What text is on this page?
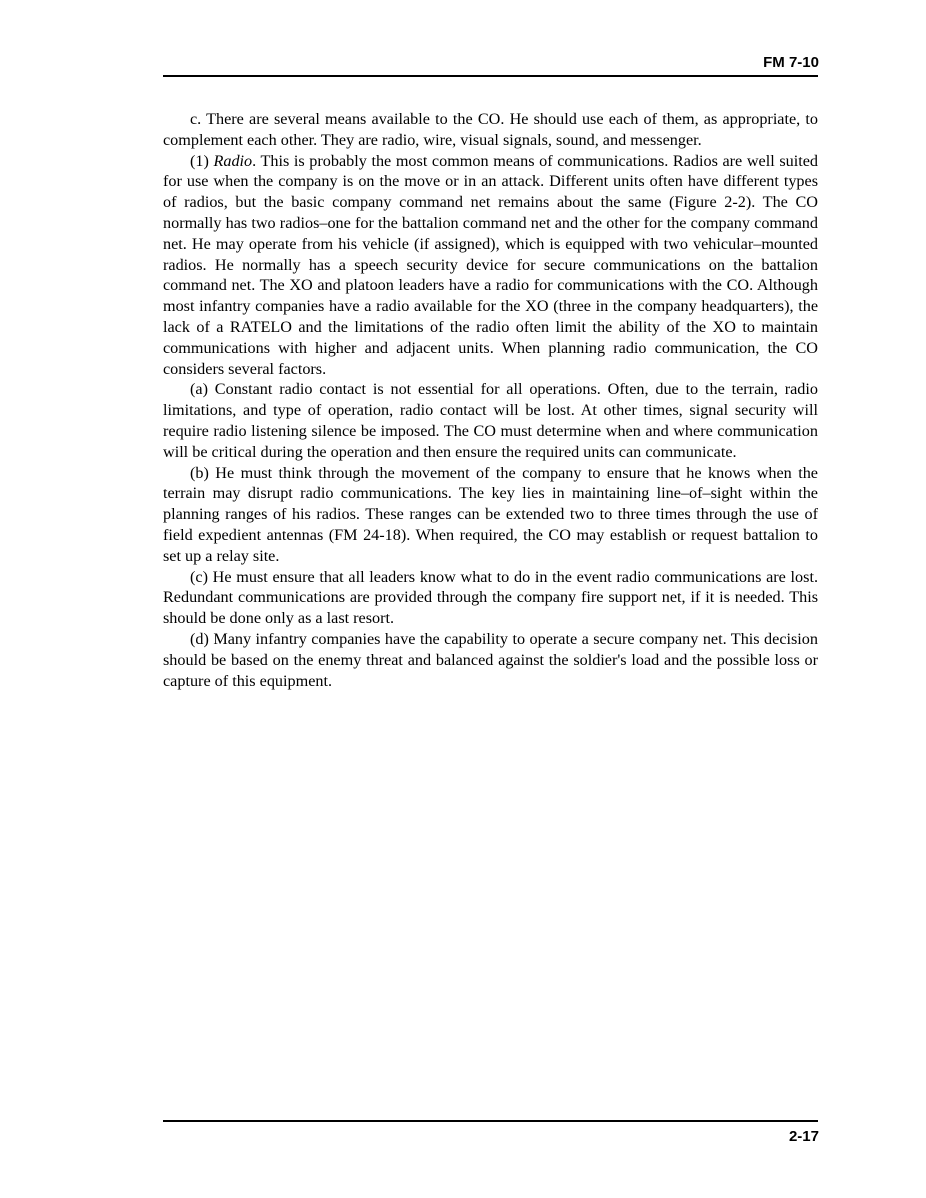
FM 7-10

c. There are several means available to the CO. He should use each of them, as appropriate, to complement each other. They are radio, wire, visual signals, sound, and messenger.

(1) Radio. This is probably the most common means of communications. Radios are well suited for use when the company is on the move or in an attack. Different units often have different types of radios, but the basic company command net remains about the same (Figure 2-2). The CO normally has two radios–one for the battalion command net and the other for the company command net. He may operate from his vehicle (if assigned), which is equipped with two vehicular–mounted radios. He normally has a speech security device for secure communications on the battalion command net. The XO and platoon leaders have a radio for communications with the CO. Although most infantry companies have a radio available for the XO (three in the company headquarters), the lack of a RATELO and the limitations of the radio often limit the ability of the XO to maintain communications with higher and adjacent units. When planning radio communication, the CO considers several factors.

(a) Constant radio contact is not essential for all operations. Often, due to the terrain, radio limitations, and type of operation, radio contact will be lost. At other times, signal security will require radio listening silence be imposed. The CO must determine when and where communication will be critical during the operation and then ensure the required units can communicate.

(b) He must think through the movement of the company to ensure that he knows when the terrain may disrupt radio communications. The key lies in maintaining line–of–sight within the planning ranges of his radios. These ranges can be extended two to three times through the use of field expedient antennas (FM 24-18). When required, the CO may establish or request battalion to set up a relay site.

(c) He must ensure that all leaders know what to do in the event radio communications are lost. Redundant communications are provided through the company fire support net, if it is needed. This should be done only as a last resort.

(d) Many infantry companies have the capability to operate a secure company net. This decision should be based on the enemy threat and balanced against the soldier's load and the possible loss or capture of this equipment.

2-17
